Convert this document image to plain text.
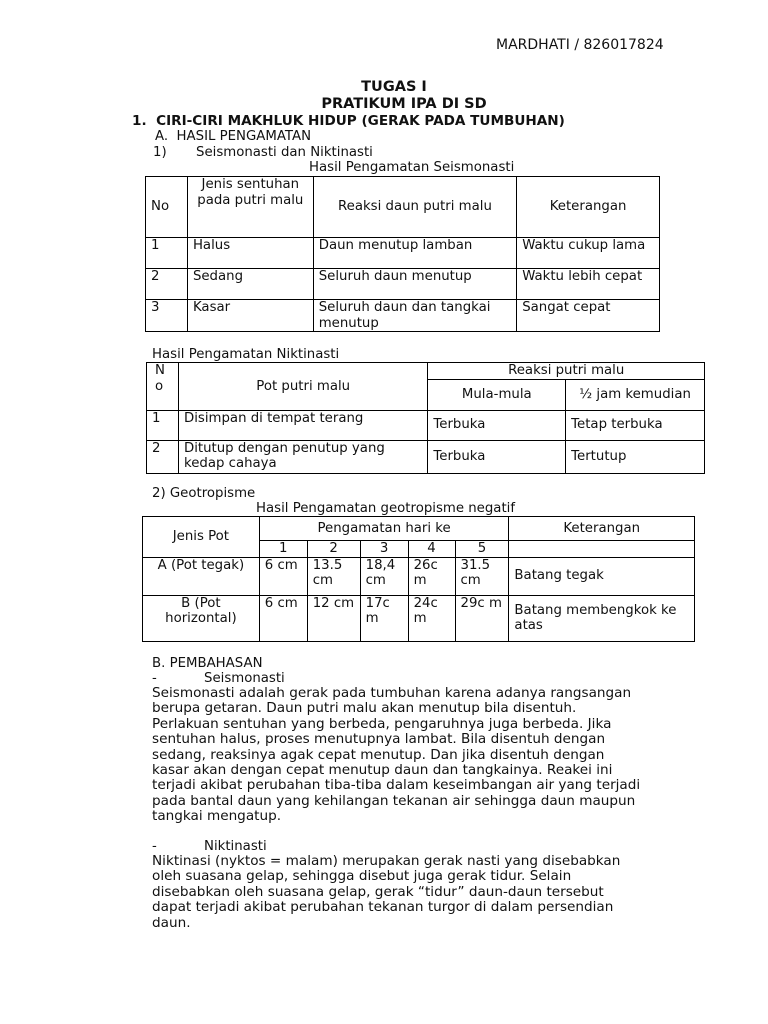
MARDHATI / 826017824
TUGAS I
PRATIKUM IPA DI SD
1.  CIRI-CIRI MAKHLUK HIDUP (GERAK PADA TUMBUHAN)
A.  HASIL PENGAMATAN
1) Seismonasti dan Niktinasti
Hasil Pengamatan Seismonasti
No	Jenis sentuhan pada putri malu	Reaksi daun putri malu	Keterangan
1	Halus	Daun menutup lamban	Waktu cukup lama
2	Sedang	Seluruh daun menutup	Waktu lebih cepat
3	Kasar	Seluruh daun dan tangkai menutup	Sangat cepat
Hasil Pengamatan Niktinasti
N o	Pot putri malu	Reaksi putri malu	
		Mula-mula	½ jam kemudian
1	Disimpan di tempat terang	Terbuka	Tetap terbuka
2	Ditutup dengan penutup yang kedap cahaya	Terbuka	Tertutup
2) Geotropisme
Hasil Pengamatan geotropisme negatif
Jenis Pot	Pengamatan hari ke					Keterangan
	1	2	3	4	5	
A (Pot tegak)	6 cm	13.5 cm	18,4 cm	26c m	31.5 cm	Batang tegak
B (Pot horizontal)	6 cm	12 cm	17c m	24c m	29c m	Batang membengkok ke atas
B. PEMBAHASAN
-	Seismonasti
Seismonasti adalah gerak pada tumbuhan karena adanya rangsangan
berupa getaran. Daun putri malu akan menutup bila disentuh.
Perlakuan sentuhan yang berbeda, pengaruhnya juga berbeda. Jika
sentuhan halus, proses menutupnya lambat. Bila disentuh dengan
sedang, reaksinya agak cepat menutup. Dan jika disentuh dengan
kasar akan dengan cepat menutup daun dan tangkainya. Reakei ini
terjadi akibat perubahan tiba-tiba dalam keseimbangan air yang terjadi
pada bantal daun yang kehilangan tekanan air sehingga daun maupun
tangkai mengatup.
-	Niktinasti
Niktinasi (nyktos = malam) merupakan gerak nasti yang disebabkan
oleh suasana gelap, sehingga disebut juga gerak tidur. Selain
disebabkan oleh suasana gelap, gerak “tidur” daun-daun tersebut
dapat terjadi akibat perubahan tekanan turgor di dalam persendian
daun.
